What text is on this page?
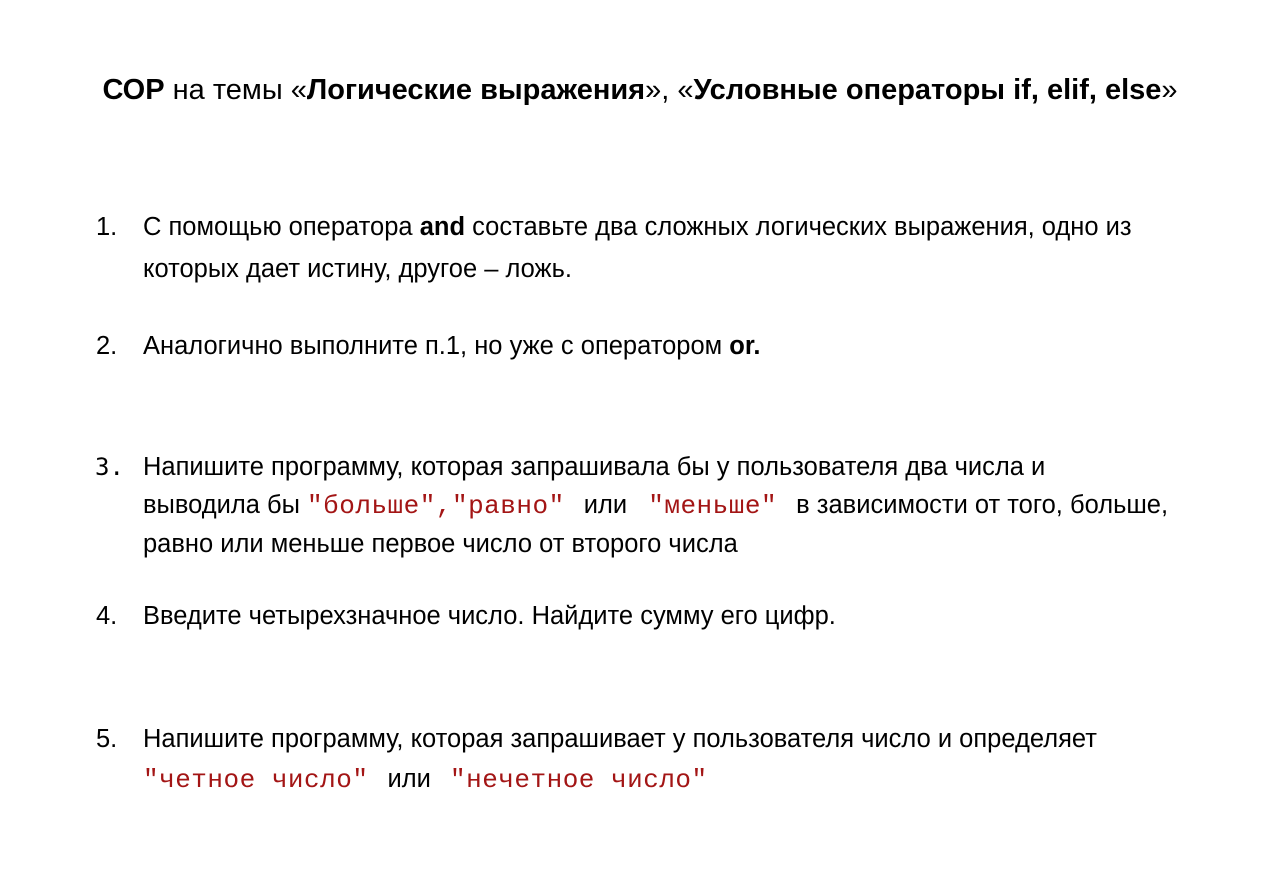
СОР на темы «Логические выражения», «Условные операторы if, elif, else»
1. С помощью оператора and составьте два сложных логических выражения, одно из
которых дает истину, другое – ложь.
2. Аналогично выполните п.1, но уже с оператором or.
3. Напишите программу, которая запрашивала бы у пользователя два числа и
выводила бы "больше","равно" или "меньше" в зависимости от того, больше,
равно или меньше первое число от второго числа
4. Введите четырехзначное число. Найдите сумму его цифр.
5. Напишите программу, которая запрашивает у пользователя число и определяет
"четное число" или "нечетное число"
